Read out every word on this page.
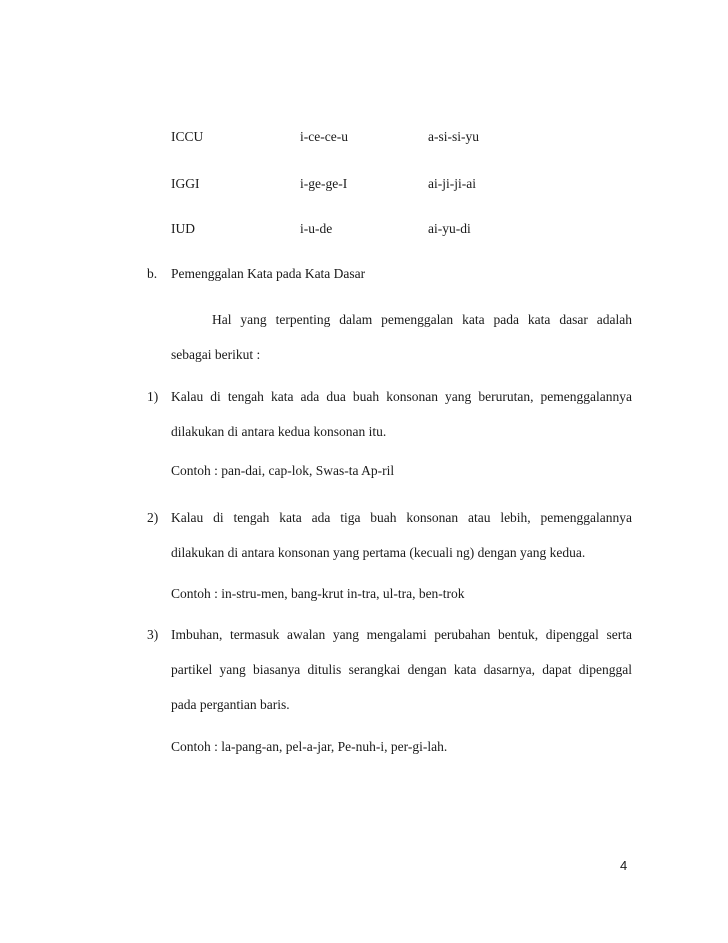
ICCU	i-ce-ce-u	a-si-si-yu
IGGI	i-ge-ge-I	ai-ji-ji-ai
IUD	i-u-de	ai-yu-di
b. Pemenggalan Kata pada Kata Dasar
Hal yang terpenting dalam pemenggalan kata pada kata dasar adalah
sebagai berikut :
1) Kalau di tengah kata ada dua buah konsonan yang berurutan, pemenggalannya
dilakukan di antara kedua konsonan itu.
Contoh : pan-dai, cap-lok, Swas-ta Ap-ril
2) Kalau di tengah kata ada tiga buah konsonan atau lebih, pemenggalannya
dilakukan di antara konsonan yang pertama (kecuali ng) dengan yang kedua.
Contoh : in-stru-men, bang-krut in-tra, ul-tra, ben-trok
3) Imbuhan, termasuk awalan yang mengalami perubahan bentuk, dipenggal serta
partikel yang biasanya ditulis serangkai dengan kata dasarnya, dapat dipenggal
pada pergantian baris.
Contoh : la-pang-an, pel-a-jar, Pe-nuh-i, per-gi-lah.
4
